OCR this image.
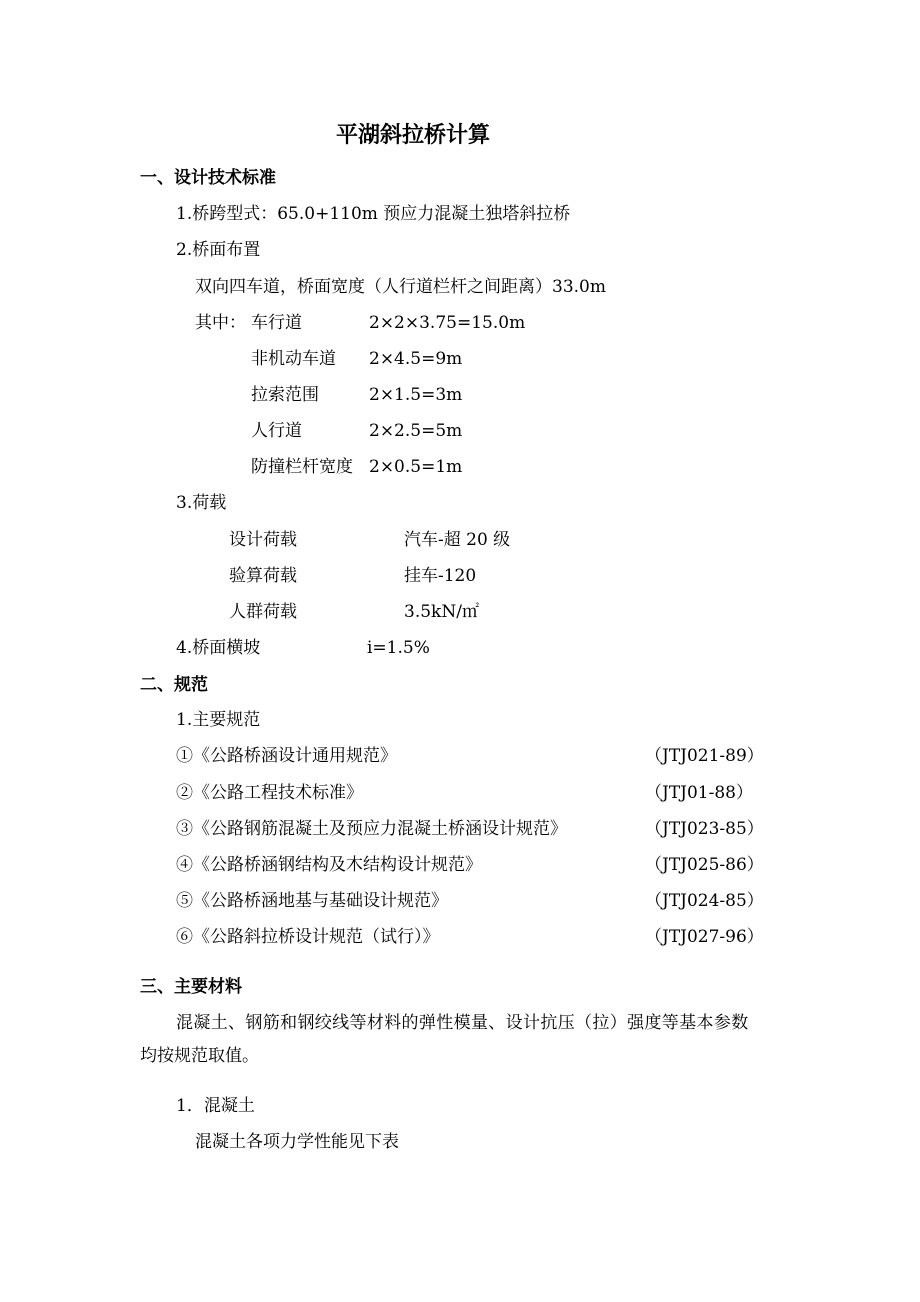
平湖斜拉桥计算
一、设计技术标准
1.桥跨型式：65.0+110m 预应力混凝土独塔斜拉桥
2.桥面布置
双向四车道，桥面宽度（人行道栏杆之间距离）33.0m
其中： 车行道	2×2×3.75=15.0m
非机动车道 2×4.5=9m
拉索范围	2×1.5=3m
人行道	2×2.5=5m
防撞栏杆宽度 2×0.5=1m
3.荷载
设计荷载	汽车-超 20 级
验算荷载	挂车-120
人群荷载	3.5kN/㎡
4.桥面横坡	i=1.5%
二、规范
1.主要规范
①《公路桥涵设计通用规范》	（JTJ021-89）
②《公路工程技术标准》	（JTJ01-88）
③《公路钢筋混凝土及预应力混凝土桥涵设计规范》	（JTJ023-85）
④《公路桥涵钢结构及木结构设计规范》	（JTJ025-86）
⑤《公路桥涵地基与基础设计规范》	（JTJ024-85）
⑥《公路斜拉桥设计规范（试行）》	（JTJ027-96）
三、主要材料
混凝土、钢筋和钢绞线等材料的弹性模量、设计抗压（拉）强度等基本参数
均按规范取值。
1．混凝土
混凝土各项力学性能见下表
